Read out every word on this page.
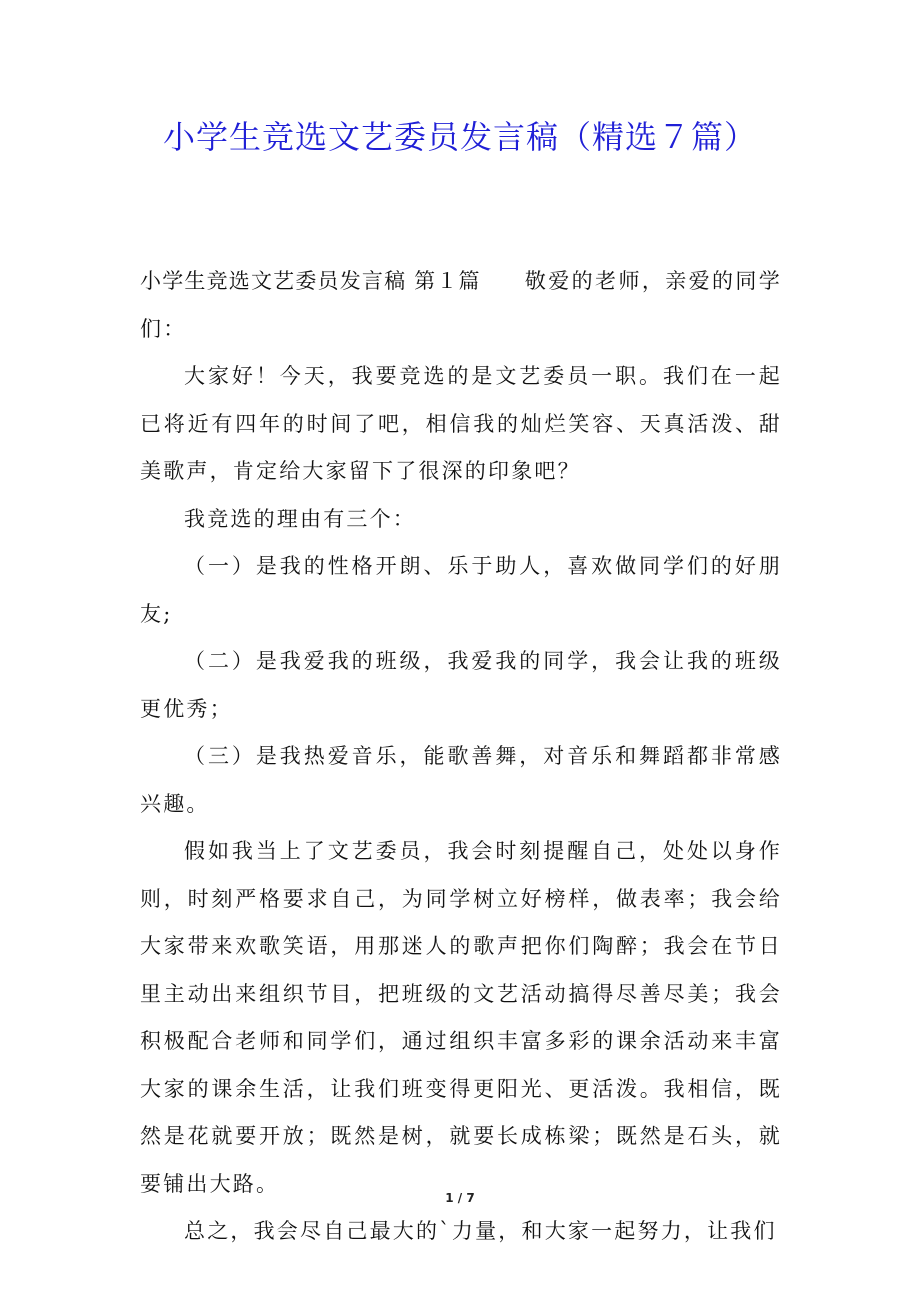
小学生竞选文艺委员发言稿（精选７篇）

小学生竞选文艺委员发言稿 第１篇 敬爱的老师，亲爱的同学们：

大家好！今天，我要竞选的是文艺委员一职。我们在一起已将近有四年的时间了吧，相信我的灿烂笑容、天真活泼、甜美歌声，肯定给大家留下了很深的印象吧？

我竞选的理由有三个：

（一）是我的性格开朗、乐于助人，喜欢做同学们的好朋友;

（二）是我爱我的班级，我爱我的同学，我会让我的班级更优秀；

（三）是我热爱音乐，能歌善舞，对音乐和舞蹈都非常感兴趣。

假如我当上了文艺委员，我会时刻提醒自己，处处以身作则，时刻严格要求自己，为同学树立好榜样，做表率；我会给大家带来欢歌笑语，用那迷人的歌声把你们陶醉；我会在节日里主动出来组织节目，把班级的文艺活动搞得尽善尽美；我会积极配合老师和同学们，通过组织丰富多彩的课余活动来丰富大家的课余生活，让我们班变得更阳光、更活泼。我相信，既然是花就要开放；既然是树，就要长成栋梁；既然是石头，就要铺出大路。

总之，我会尽自己最大的`力量，和大家一起努力，让我们

1 / 7
